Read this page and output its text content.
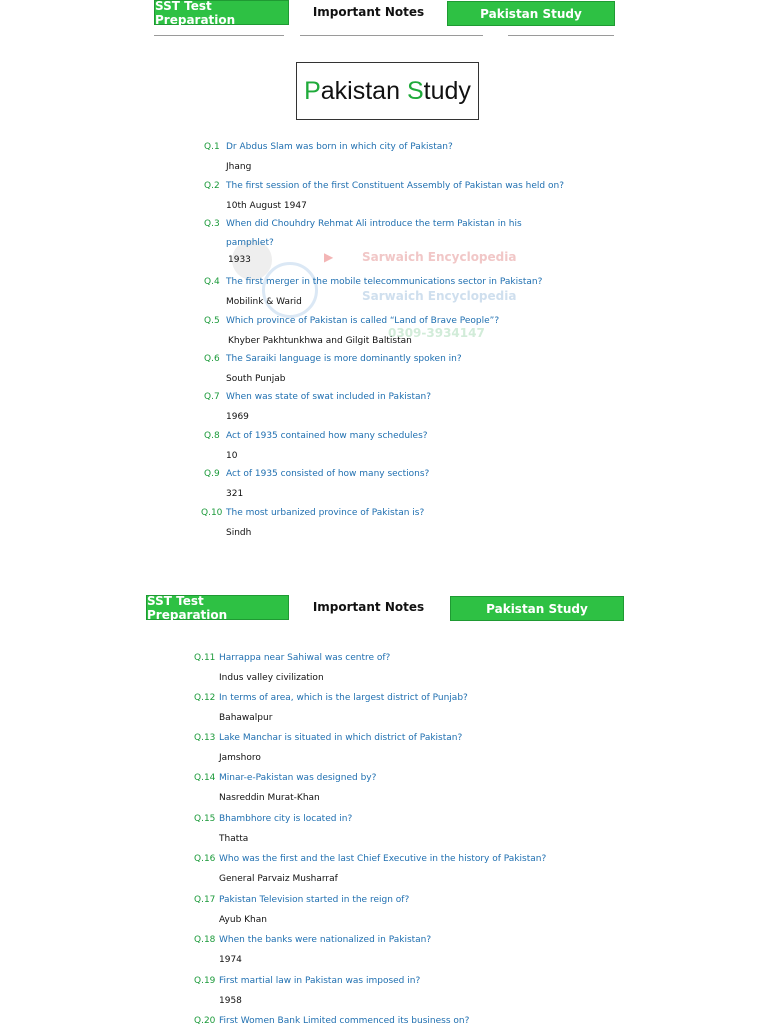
SST Test Preparation
Important Notes	Pakistan Study
P akistan S tudy
▶ Sarwaich Encyclopedia
Sarwaich Encyclopedia
0309-3934147
Q.1 Dr Abdus Slam was born in which city of Pakistan?
Jhang
Q.2 The first session of the first Constituent Assembly of Pakistan was held on?
10th August 1947
Q.3 When did Chouhdry Rehmat Ali introduce the term Pakistan in his
pamphlet?
1933
Q.4 The first merger in the mobile telecommunications sector in Pakistan?
Mobilink & Warid
Q.5 Which province of Pakistan is called “Land of Brave People”?
Khyber Pakhtunkhwa and Gilgit Baltistan
Q.6 The Saraiki language is more dominantly spoken in?
South Punjab
Q.7 When was state of swat included in Pakistan?
1969
Q.8 Act of 1935 contained how many schedules?
10
Q.9 Act of 1935 consisted of how many sections?
321
Q.10 The most urbanized province of Pakistan is?
Sindh
SST Test Preparation
Important Notes	Pakistan Study
Q.11 Harrappa near Sahiwal was centre of?
Indus valley civilization
Q.12 In terms of area, which is the largest district of Punjab?
Bahawalpur
Q.13 Lake Manchar is situated in which district of Pakistan?
Jamshoro
Q.14 Minar-e-Pakistan was designed by?
Nasreddin Murat-Khan
Q.15 Bhambhore city is located in?
Thatta
Q.16 Who was the first and the last Chief Executive in the history of Pakistan?
General Parvaiz Musharraf
Q.17 Pakistan Television started in the reign of?
Ayub Khan
Q.18 When the banks were nationalized in Pakistan?
1974
Q.19 First martial law in Pakistan was imposed in?
1958
Q.20 First Women Bank Limited commenced its business on?
